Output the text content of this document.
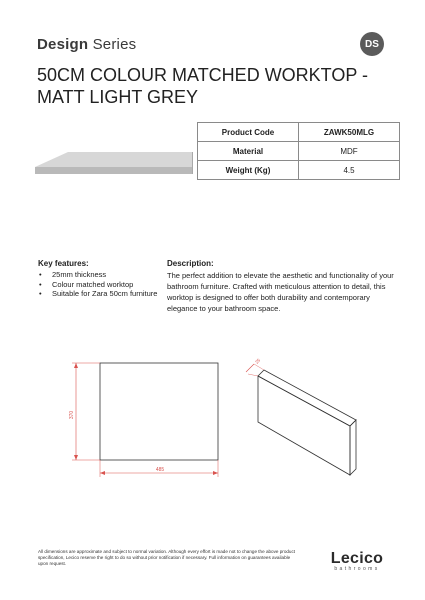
Design Series	DS
50CM COLOUR MATCHED WORKTOP -
MATT LIGHT GREY
Product Code	ZAWK50MLG
Material	MDF
Weight (Kg)	4.5
Key features:
• 25mm thickness
• Colour matched worktop
• Suitable for Zara 50cm furniture
Description:
The perfect addition to elevate the aesthetic and functionality of your bathroom furniture. Crafted with meticulous attention to detail, this worktop is designed to offer both durability and contemporary elegance to your bathroom space.
370
485
25
All dimensions are approximate and subject to normal variation. Although every effort is made not to change the above product specification, Lecico reserve the right to do so without prior notification if necessary. Full information on guarantees available upon request.	Lecico
bathrooms
